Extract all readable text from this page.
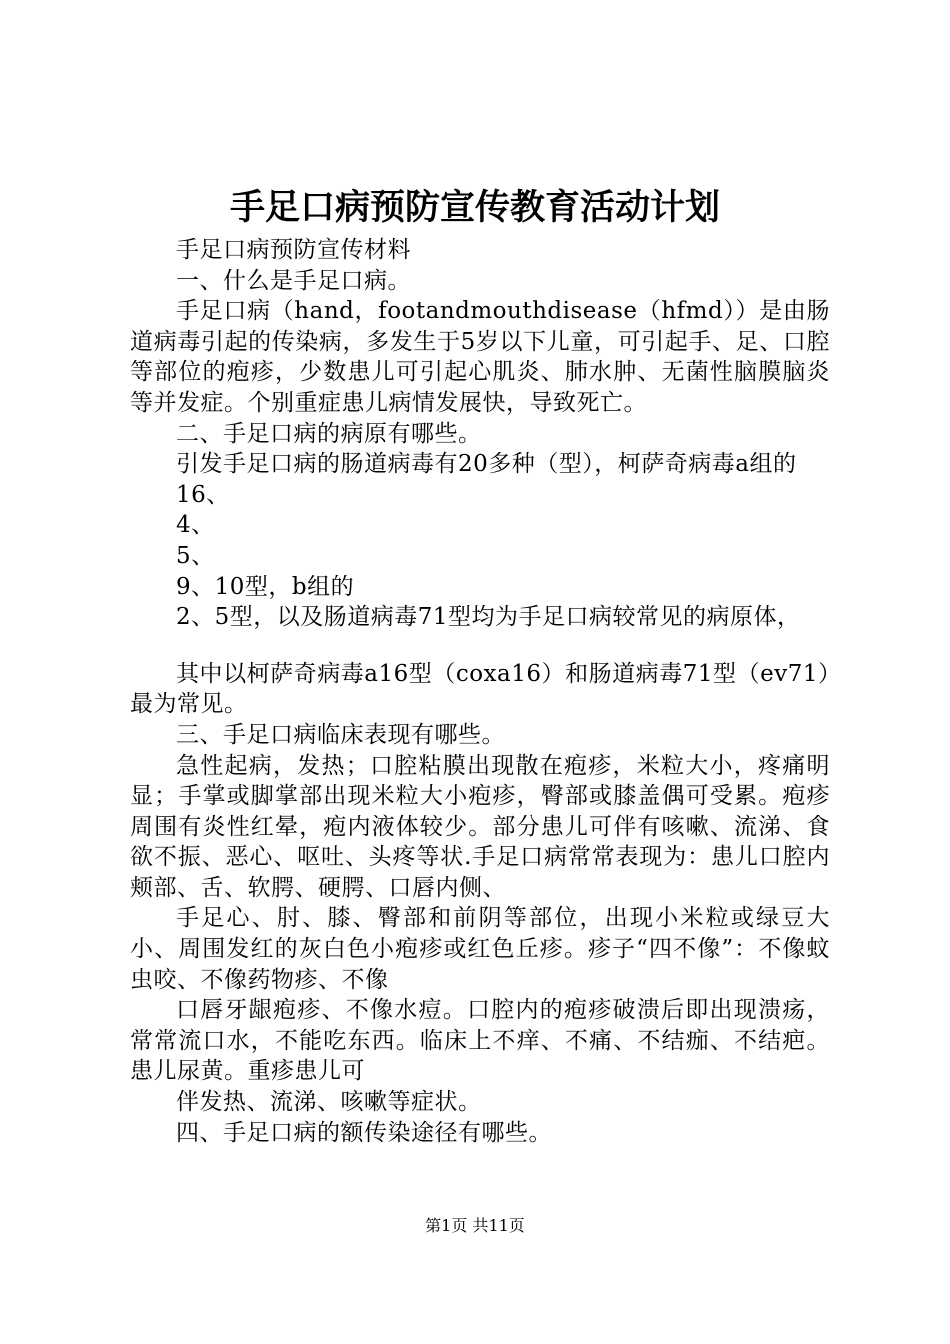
手足口病预防宣传教育活动计划

手足口病预防宣传材料

一、什么是手足口病。

手足口病（hand，footandmouthdisease（hfmd））是由肠道病毒引起的传染病，多发生于5岁以下儿童，可引起手、足、口腔等部位的疱疹，少数患儿可引起心肌炎、肺水肿、无菌性脑膜脑炎等并发症。个别重症患儿病情发展快，导致死亡。

二、手足口病的病原有哪些。

引发手足口病的肠道病毒有20多种（型），柯萨奇病毒a组的

16、

4、

5、

9、10型，b组的

2、5型，以及肠道病毒71型均为手足口病较常见的病原体，

其中以柯萨奇病毒a16型（coxa16）和肠道病毒71型（ev71）最为常见。

三、手足口病临床表现有哪些。

急性起病，发热；口腔粘膜出现散在疱疹，米粒大小，疼痛明显；手掌或脚掌部出现米粒大小疱疹，臀部或膝盖偶可受累。疱疹周围有炎性红晕，疱内液体较少。部分患儿可伴有咳嗽、流涕、食欲不振、恶心、呕吐、头疼等状.手足口病常常表现为：患儿口腔内颊部、舌、软腭、硬腭、口唇内侧、

手足心、肘、膝、臀部和前阴等部位，出现小米粒或绿豆大小、周围发红的灰白色小疱疹或红色丘疹。疹子“四不像”：不像蚊虫咬、不像药物疹、不像

口唇牙龈疱疹、不像水痘。口腔内的疱疹破溃后即出现溃疡，常常流口水，不能吃东西。临床上不痒、不痛、不结痂、不结疤。患儿尿黄。重疹患儿可

伴发热、流涕、咳嗽等症状。

四、手足口病的额传染途径有哪些。

第1页 共11页
